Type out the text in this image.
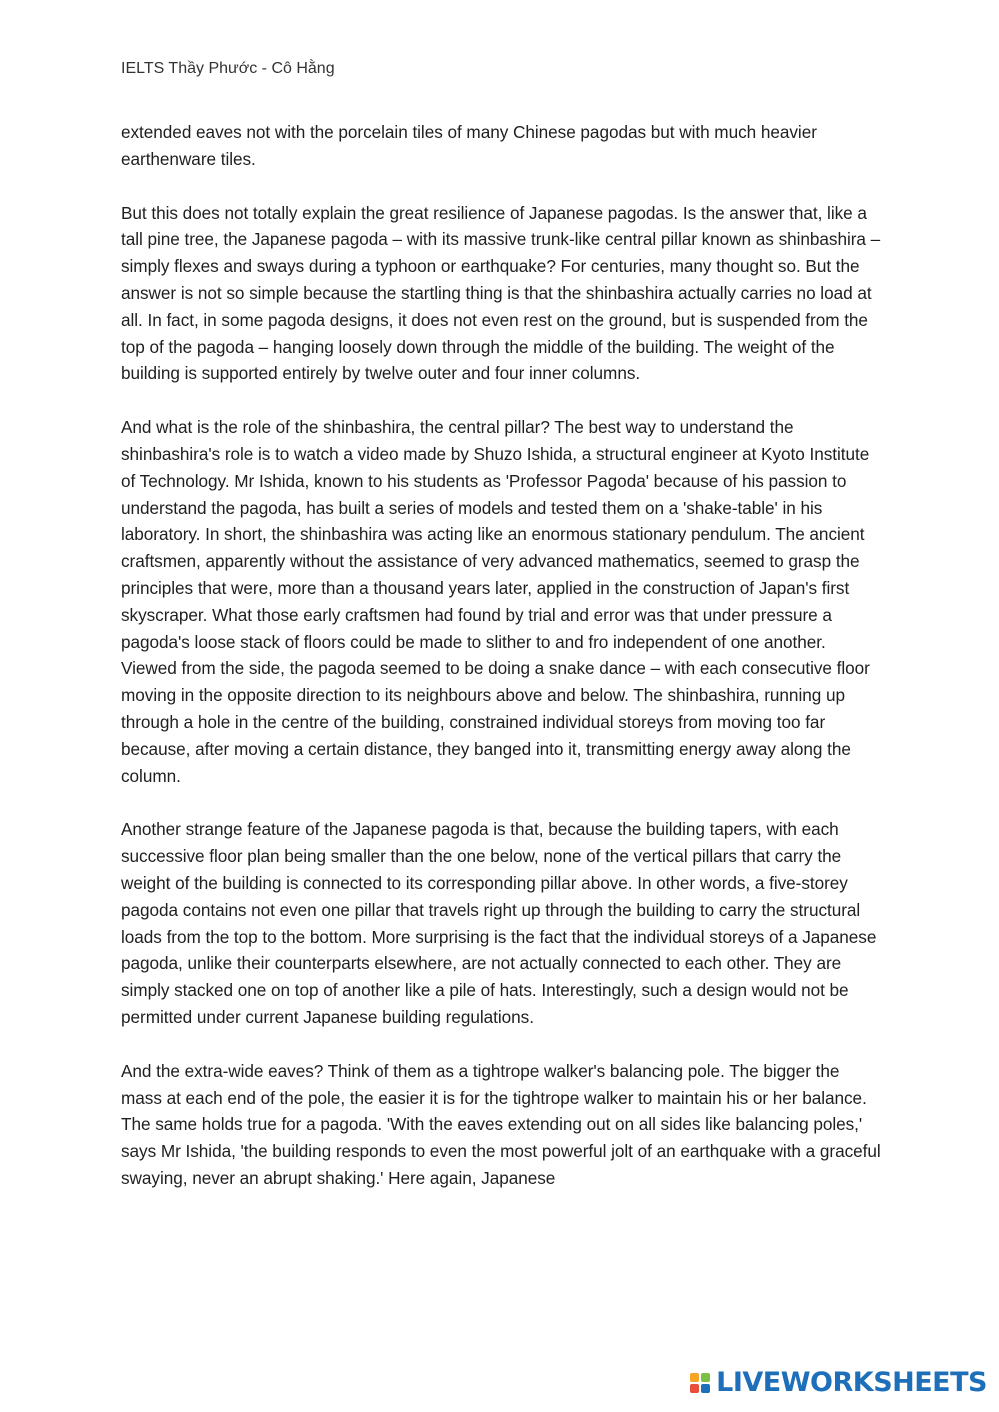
IELTS Thầy Phước - Cô Hằng

extended eaves not with the porcelain tiles of many Chinese pagodas but with much heavier earthenware tiles.

But this does not totally explain the great resilience of Japanese pagodas. Is the answer that, like a tall pine tree, the Japanese pagoda – with its massive trunk-like central pillar known as shinbashira – simply flexes and sways during a typhoon or earthquake? For centuries, many thought so. But the answer is not so simple because the startling thing is that the shinbashira actually carries no load at all. In fact, in some pagoda designs, it does not even rest on the ground, but is suspended from the top of the pagoda – hanging loosely down through the middle of the building. The weight of the building is supported entirely by twelve outer and four inner columns.

And what is the role of the shinbashira, the central pillar? The best way to understand the shinbashira's role is to watch a video made by Shuzo Ishida, a structural engineer at Kyoto Institute of Technology. Mr Ishida, known to his students as 'Professor Pagoda' because of his passion to understand the pagoda, has built a series of models and tested them on a 'shake-table' in his laboratory. In short, the shinbashira was acting like an enormous stationary pendulum. The ancient craftsmen, apparently without the assistance of very advanced mathematics, seemed to grasp the principles that were, more than a thousand years later, applied in the construction of Japan's first skyscraper. What those early craftsmen had found by trial and error was that under pressure a pagoda's loose stack of floors could be made to slither to and fro independent of one another. Viewed from the side, the pagoda seemed to be doing a snake dance – with each consecutive floor moving in the opposite direction to its neighbours above and below. The shinbashira, running up through a hole in the centre of the building, constrained individual storeys from moving too far because, after moving a certain distance, they banged into it, transmitting energy away along the column.

Another strange feature of the Japanese pagoda is that, because the building tapers, with each successive floor plan being smaller than the one below, none of the vertical pillars that carry the weight of the building is connected to its corresponding pillar above. In other words, a five-storey pagoda contains not even one pillar that travels right up through the building to carry the structural loads from the top to the bottom. More surprising is the fact that the individual storeys of a Japanese pagoda, unlike their counterparts elsewhere, are not actually connected to each other. They are simply stacked one on top of another like a pile of hats. Interestingly, such a design would not be permitted under current Japanese building regulations.

And the extra-wide eaves? Think of them as a tightrope walker's balancing pole. The bigger the mass at each end of the pole, the easier it is for the tightrope walker to maintain his or her balance. The same holds true for a pagoda. 'With the eaves extending out on all sides like balancing poles,' says Mr Ishida, 'the building responds to even the most powerful jolt of an earthquake with a graceful swaying, never an abrupt shaking.' Here again, Japanese

LIVEWORKSHEETS
